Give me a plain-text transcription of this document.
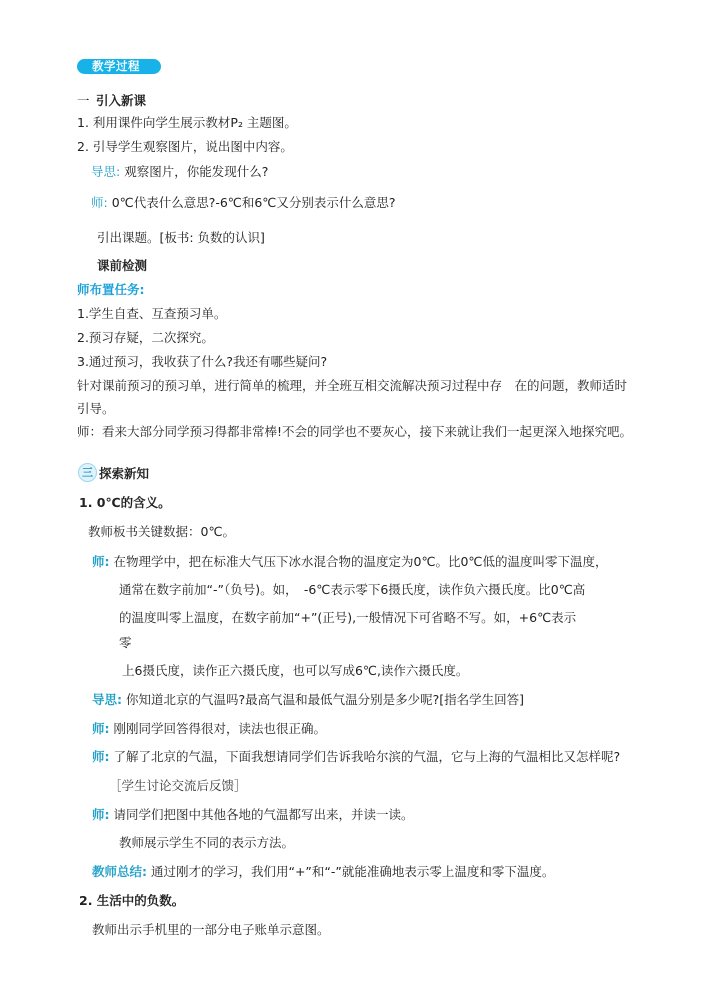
教学过程
一 引入新课
1. 利用课件向学生展示教材P₂ 主题图。
2. 引导学生观察图片，说出图中内容。
导思: 观察图片，你能发现什么?
师: 0℃代表什么意思?-6℃和6℃又分别表示什么意思?
引出课题。[板书: 负数的认识]
课前检测
师布置任务:
1.学生自查、互查预习单。
2.预习存疑，二次探究。
3.通过预习，我收获了什么?我还有哪些疑问?
针对课前预习的预习单，进行简单的梳理，并全班互相交流解决预习过程中存　在的问题，教师适时
引导。
师：看来大部分同学预习得都非常棒!不会的同学也不要灰心，接下来就让我们一起更深入地探究吧。
三 探索新知
1. 0℃的含义。
教师板书关键数据：0℃。
师: 在物理学中，把在标准大气压下冰水混合物的温度定为0℃。比0℃低的温度叫零下温度，
通常在数字前加“-”（负号)。如，　-6℃表示零下6摄氏度，读作负六摄氏度。比0℃高
的温度叫零上温度，在数字前加“+”(正号),一般情况下可省略不写。如，+6℃表示
零
上6摄氏度，读作正六摄氏度，也可以写成6℃,读作六摄氏度。
导思: 你知道北京的气温吗?最高气温和最低气温分别是多少呢?[指名学生回答]
师: 刚刚同学回答得很对，读法也很正确。
师: 了解了北京的气温，下面我想请同学们告诉我哈尔滨的气温，它与上海的气温相比又怎样呢?
［学生讨论交流后反馈］
师: 请同学们把图中其他各地的气温都写出来，并读一读。
教师展示学生不同的表示方法。
教师总结: 通过刚才的学习，我们用“+”和“-”就能准确地表示零上温度和零下温度。
2. 生活中的负数。
教师出示手机里的一部分电子账单示意图。
